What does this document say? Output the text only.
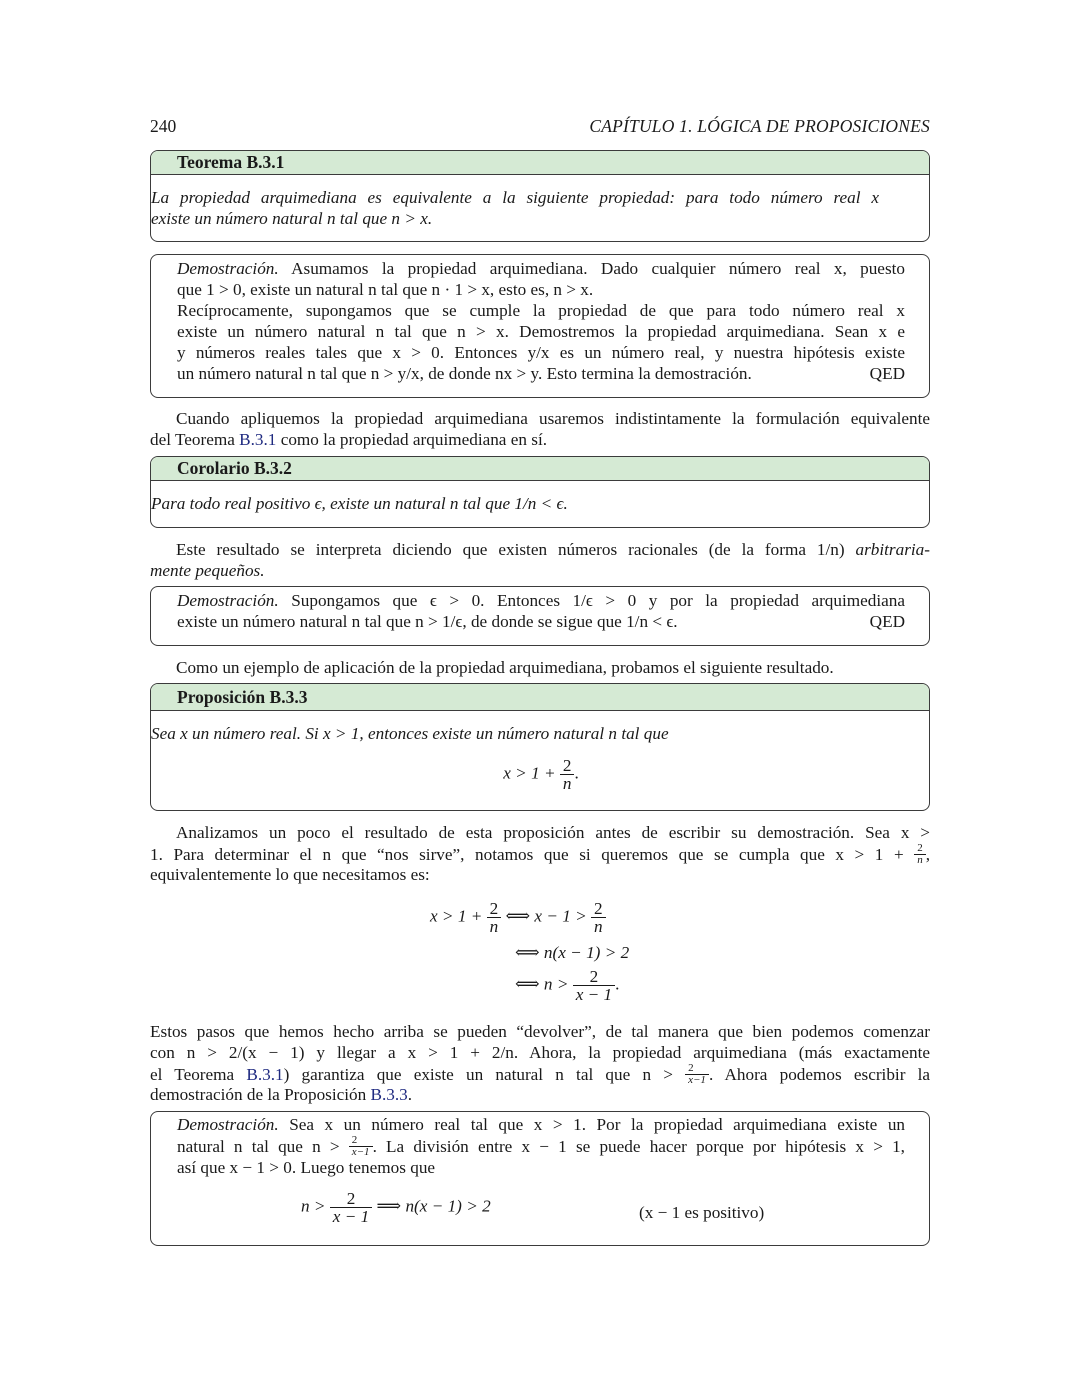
240	CAPÍTULO 1. LÓGICA DE PROPOSICIONES
Teorema B.3.1
La propiedad arquimediana es equivalente a la siguiente propiedad: para todo número real x
existe un número natural n tal que n > x.
Demostración. Asumamos la propiedad arquimediana. Dado cualquier número real x, puesto
que 1 > 0, existe un natural n tal que n · 1 > x, esto es, n > x.
Recíprocamente, supongamos que se cumple la propiedad de que para todo número real x
existe un número natural n tal que n > x. Demostremos la propiedad arquimediana. Sean x e
y números reales tales que x > 0. Entonces y/x es un número real, y nuestra hipótesis existe
un número natural n tal que n > y/x, de donde nx > y. Esto termina la demostración.	QED
Cuando apliquemos la propiedad arquimediana usaremos indistintamente la formulación equivalente
del Teorema B.3.1 como la propiedad arquimediana en sí.
Corolario B.3.2
Para todo real positivo ϵ, existe un natural n tal que 1/n < ϵ.
Este resultado se interpreta diciendo que existen números racionales (de la forma 1/n) arbitraria-
mente pequeños.
Demostración. Supongamos que ϵ > 0. Entonces 1/ϵ > 0 y por la propiedad arquimediana
existe un número natural n tal que n > 1/ϵ, de donde se sigue que 1/n < ϵ.	QED
Como un ejemplo de aplicación de la propiedad arquimediana, probamos el siguiente resultado.
Proposición B.3.3
Sea x un número real. Si x > 1, entonces existe un número natural n tal que
$x > 1 + \frac{2}{n}$ .
Analizamos un poco el resultado de esta proposición antes de escribir su demostración. Sea x >
1. Para determinar el n que “nos sirve”, notamos que si queremos que se cumpla que $x > 1 + \frac{2}{n}$ ,
equivalentemente lo que necesitamos es:
$x > 1 + \frac{2}{n}$ ⟺ $x - 1 > \frac{2}{n}$
⟺ n(x − 1) > 2
⟺ $n > \frac{2}{x - 1}$ .
Estos pasos que hemos hecho arriba se pueden “devolver”, de tal manera que bien podemos comenzar
con n > 2/(x − 1) y llegar a x > 1 + 2/n. Ahora, la propiedad arquimediana (más exactamente
el Teorema B.3.1) garantiza que existe un natural n tal que $n > \frac{2}{x-1}$ . Ahora podemos escribir la
demostración de la Proposición B.3.3.
Demostración. Sea x un número real tal que x > 1. Por la propiedad arquimediana existe un
natural n tal que $n > \frac{2}{x-1}$ . La división entre x − 1 se puede hacer porque por hipótesis x > 1,
así que x − 1 > 0. Luego tenemos que
$n > \frac{2}{x - 1}$ ⟹ n(x − 1) > 2	(x − 1 es positivo)
